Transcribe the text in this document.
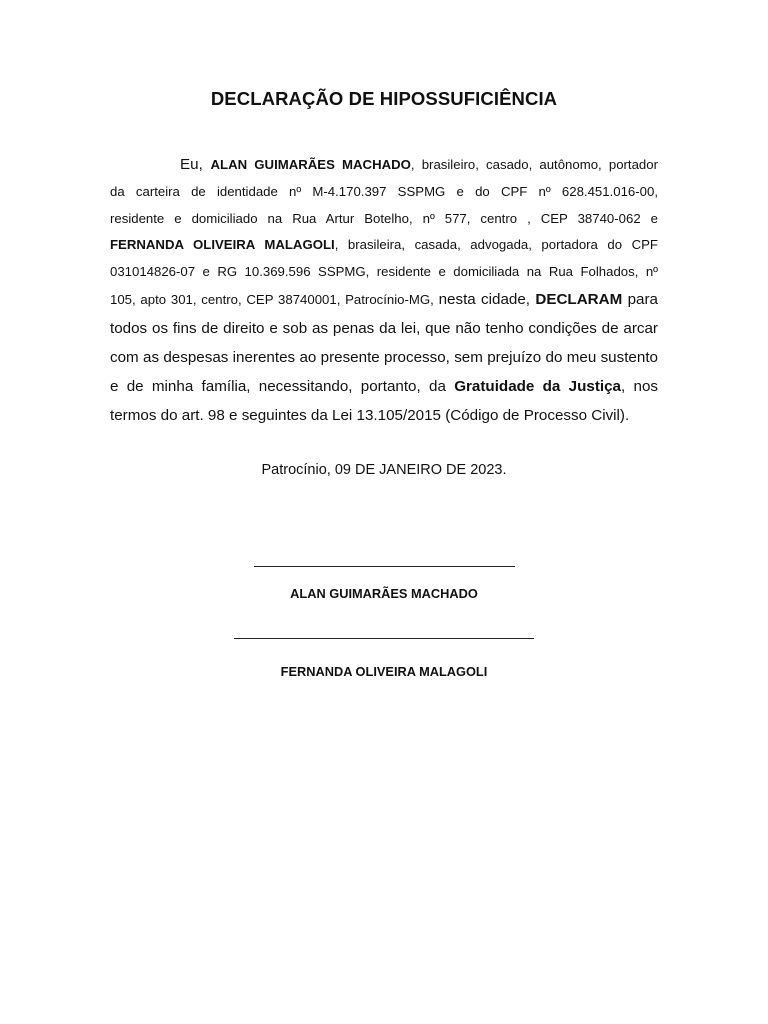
DECLARAÇÃO DE HIPOSSUFICIÊNCIA
Eu, ALAN GUIMARÃES MACHADO, brasileiro, casado, autônomo, portador
da carteira de identidade nº M-4.170.397 SSPMG e do CPF nº 628.451.016-00,
residente e domiciliado na Rua Artur Botelho, nº 577, centro , CEP 38740-062 e
FERNANDA OLIVEIRA MALAGOLI, brasileira, casada, advogada, portadora do CPF
031014826-07 e RG 10.369.596 SSPMG, residente e domiciliada na Rua Folhados, nº
105, apto 301, centro, CEP 38740001, Patrocínio-MG, nesta cidade, DECLARAM para
todos os fins de direito e sob as penas da lei, que não tenho condições de arcar
com as despesas inerentes ao presente processo, sem prejuízo do meu sustento
e de minha família, necessitando, portanto, da Gratuidade da Justiça, nos
termos do art. 98 e seguintes da Lei 13.105/2015 (Código de Processo Civil).

Patrocínio, 09 DE JANEIRO DE 2023.

ALAN GUIMARÃES MACHADO

FERNANDA OLIVEIRA MALAGOLI
